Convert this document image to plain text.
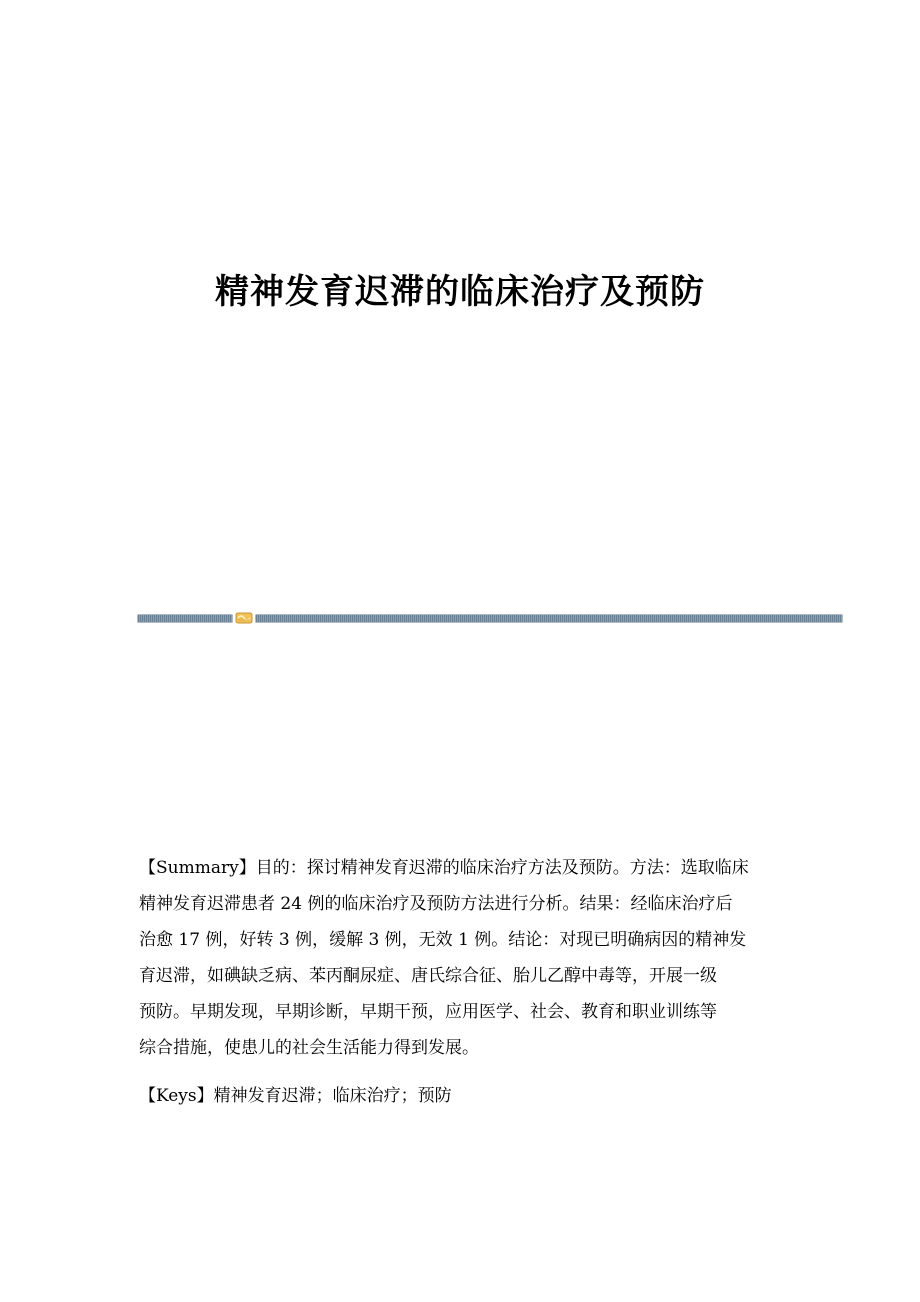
精神发育迟滞的临床治疗及预防

【Summary】目的：探讨精神发育迟滞的临床治疗方法及预防。方法：选取临床
精神发育迟滞患者 24 例的临床治疗及预防方法进行分析。结果：经临床治疗后
治愈 17 例，好转 3 例，缓解 3 例，无效 1 例。结论：对现已明确病因的精神发
育迟滞，如碘缺乏病、苯丙酮尿症、唐氏综合征、胎儿乙醇中毒等，开展一级
预防。早期发现，早期诊断，早期干预，应用医学、社会、教育和职业训练等
综合措施，使患儿的社会生活能力得到发展。

【Keys】精神发育迟滞；临床治疗；预防
